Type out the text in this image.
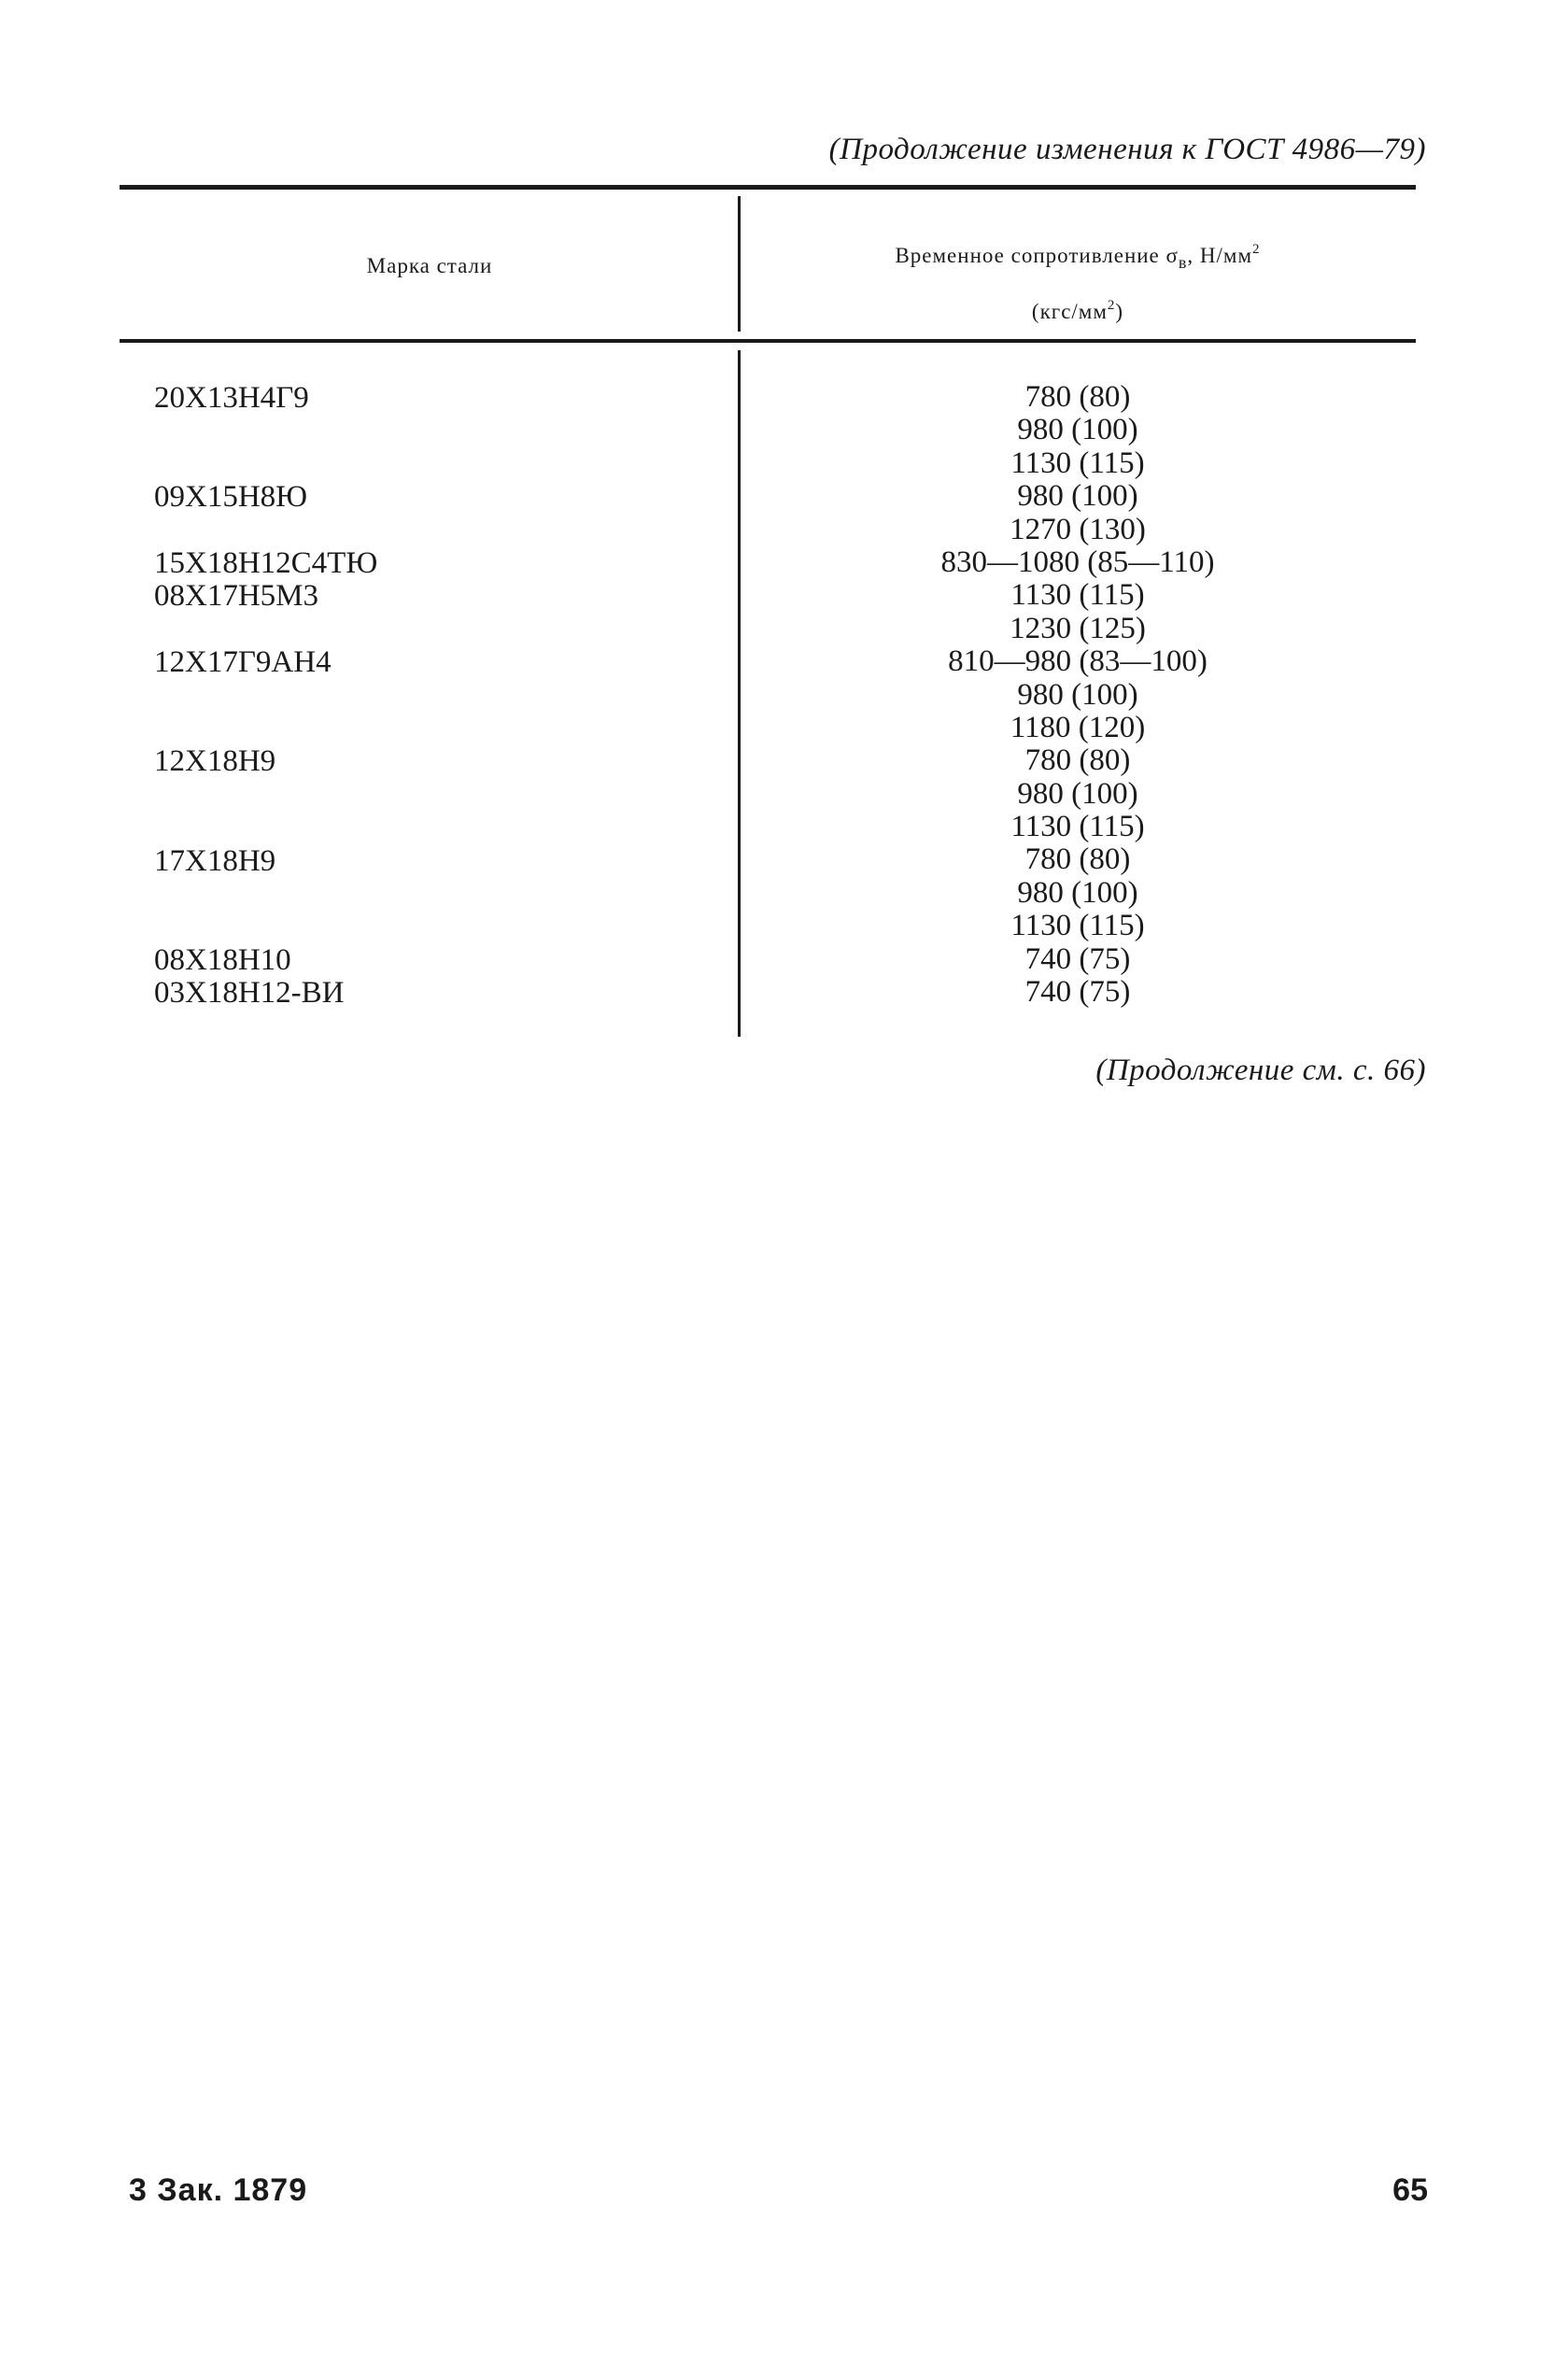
(Продолжение изменения к ГОСТ 4986—79)
Марка стали	Временное сопротивление $\sigma_в$, $Н/мм^2$
$(кгс/мм^2)$
20Х13Н4Г9
09Х15Н8Ю
15Х18Н12С4ТЮ
08Х17Н5М3
12Х17Г9АН4
12Х18Н9
17Х18Н9
08Х18Н10
03Х18Н12-ВИ
780 (80)
980 (100)
1130 (115)
980 (100)
1270 (130)
830—1080 (85—110)
1130 (115)
1230 (125)
810—980 (83—100)
980 (100)
1180 (120)
780 (80)
980 (100)
1130 (115)
780 (80)
980 (100)
1130 (115)
740 (75)
740 (75)
(Продолжение см. с. 66)
3 Зак. 1879	65
